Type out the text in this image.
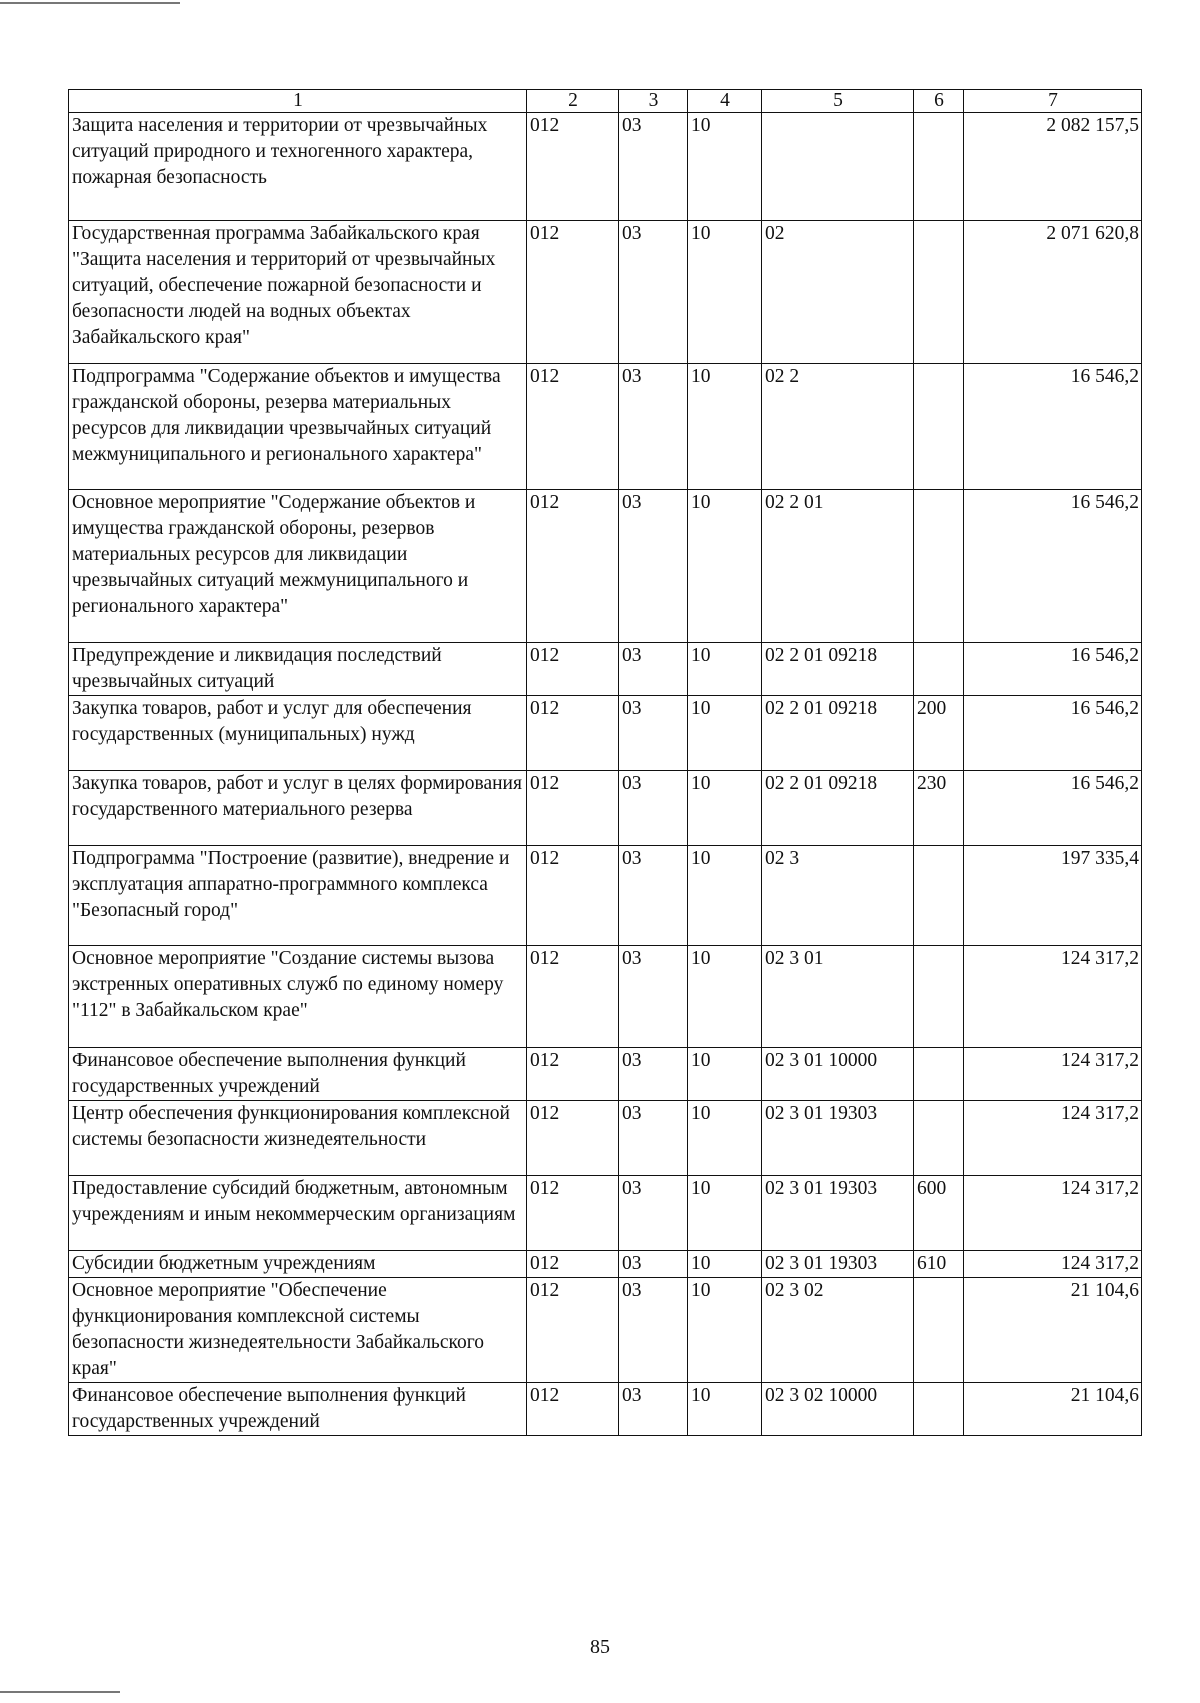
1	2	3	4	5	6	7
Защита населения и территории от чрезвычайных ситуаций природного и техногенного характера, пожарная безопасность	012	03	10			2 082 157,5
Государственная программа Забайкальского края "Защита населения и территорий от чрезвычайных ситуаций, обеспечение пожарной безопасности и безопасности людей на водных объектах Забайкальского края"	012	03	10	02		2 071 620,8
Подпрограмма "Содержание объектов и имущества гражданской обороны, резерва материальных ресурсов для ликвидации чрезвычайных ситуаций межмуниципального и регионального характера"	012	03	10	02 2		16 546,2
Основное мероприятие "Содержание объектов и имущества гражданской обороны, резервов материальных ресурсов для ликвидации чрезвычайных ситуаций межмуниципального и регионального характера"	012	03	10	02 2 01		16 546,2
Предупреждение и ликвидация последствий чрезвычайных ситуаций	012	03	10	02 2 01 09218		16 546,2
Закупка товаров, работ и услуг для обеспечения государственных (муниципальных) нужд	012	03	10	02 2 01 09218	200	16 546,2
Закупка товаров, работ и услуг в целях формирования государственного материального резерва	012	03	10	02 2 01 09218	230	16 546,2
Подпрограмма "Построение (развитие), внедрение и эксплуатация аппаратно-программного комплекса "Безопасный город"	012	03	10	02 3		197 335,4
Основное мероприятие "Создание системы вызова экстренных оперативных служб по единому номеру "112" в Забайкальском крае"	012	03	10	02 3 01		124 317,2
Финансовое обеспечение выполнения функций государственных учреждений	012	03	10	02 3 01 10000		124 317,2
Центр обеспечения функционирования комплексной системы безопасности жизнедеятельности	012	03	10	02 3 01 19303		124 317,2
Предоставление субсидий бюджетным, автономным учреждениям и иным некоммерческим организациям	012	03	10	02 3 01 19303	600	124 317,2
Субсидии бюджетным учреждениям	012	03	10	02 3 01 19303	610	124 317,2
Основное мероприятие "Обеспечение функционирования комплексной системы безопасности жизнедеятельности Забайкальского края"	012	03	10	02 3 02		21 104,6
Финансовое обеспечение выполнения функций государственных учреждений	012	03	10	02 3 02 10000		21 104,6
85
